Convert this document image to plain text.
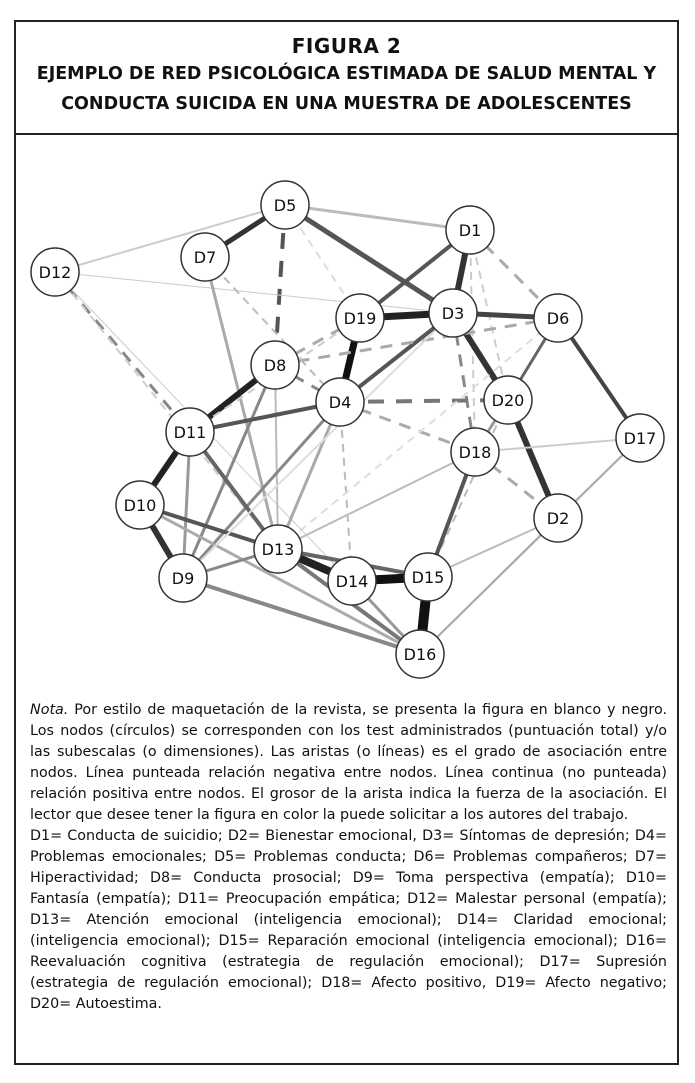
FIGURA 2
EJEMPLO DE RED PSICOLÓGICA ESTIMADA DE SALUD MENTAL Y
CONDUCTA SUICIDA EN UNA MUESTRA DE ADOLESCENTES
D5
D1
D7
D12
D19	D3	D6
D8
D4	D20
D11	D17
D18
D10
D2
D13
D14	D15
D9
D16

Nota. Por estilo de maquetación de la revista, se presenta la figura en blanco y negro. Los nodos (círculos) se corresponden con los test administrados (puntuación total) y/o las subescalas (o dimensiones). Las aristas (o líneas) es el grado de asociación entre nodos. Línea punteada relación negativa entre nodos. Línea continua (no punteada) relación positiva entre nodos. El grosor de la arista indica la fuerza de la asociación. El lector que desee tener la figura en color la puede solicitar a los autores del trabajo.

D1= Conducta de suicidio; D2= Bienestar emocional, D3= Síntomas de depresión; D4= Problemas emocionales; D5= Problemas conducta; D6= Problemas compañeros; D7= Hiperactividad; D8= Conducta prosocial; D9= Toma perspectiva (empatía); D10= Fantasía (empatía); D11= Preocupación empática; D12= Malestar personal (empatía); D13= Atención emocional (inteligencia emocional); D14= Claridad emocional; (inteligencia emocional); D15= Reparación emocional (inteligencia emocional); D16= Reevaluación cognitiva (estrategia de regulación emocional); D17= Supresión (estrategia de regulación emocional); D18= Afecto positivo, D19= Afecto negativo; D20= Autoestima.
